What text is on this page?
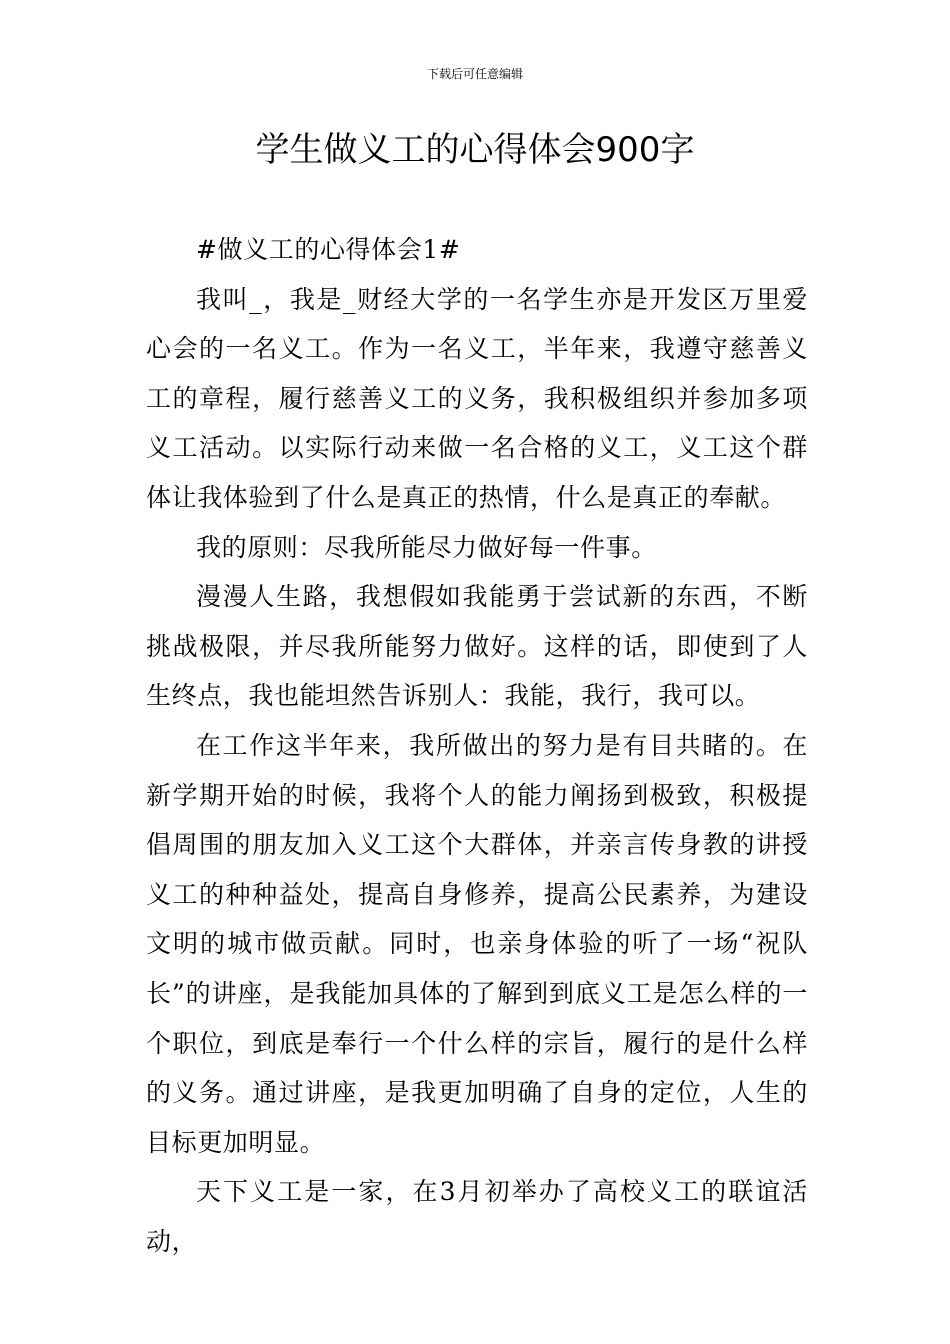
下载后可任意编辑
学生做义工的心得体会900字

#做义工的心得体会1#

我叫_，我是_财经大学的一名学生亦是开发区万里爱心会的一名义工。作为一名义工，半年来，我遵守慈善义工的章程，履行慈善义工的义务，我积极组织并参加多项义工活动。以实际行动来做一名合格的义工，义工这个群体让我体验到了什么是真正的热情，什么是真正的奉献。

我的原则：尽我所能尽力做好每一件事。

漫漫人生路，我想假如我能勇于尝试新的东西，不断挑战极限，并尽我所能努力做好。这样的话，即使到了人生终点，我也能坦然告诉别人：我能，我行，我可以。

在工作这半年来，我所做出的努力是有目共睹的。在新学期开始的时候，我将个人的能力阐扬到极致，积极提倡周围的朋友加入义工这个大群体，并亲言传身教的讲授义工的种种益处，提高自身修养，提高公民素养，为建设文明的城市做贡献。同时，也亲身体验的听了一场“祝队长”的讲座，是我能加具体的了解到到底义工是怎么样的一个职位，到底是奉行一个什么样的宗旨，履行的是什么样的义务。通过讲座，是我更加明确了自身的定位，人生的目标更加明显。

天下义工是一家，在3月初举办了高校义工的联谊活动，
